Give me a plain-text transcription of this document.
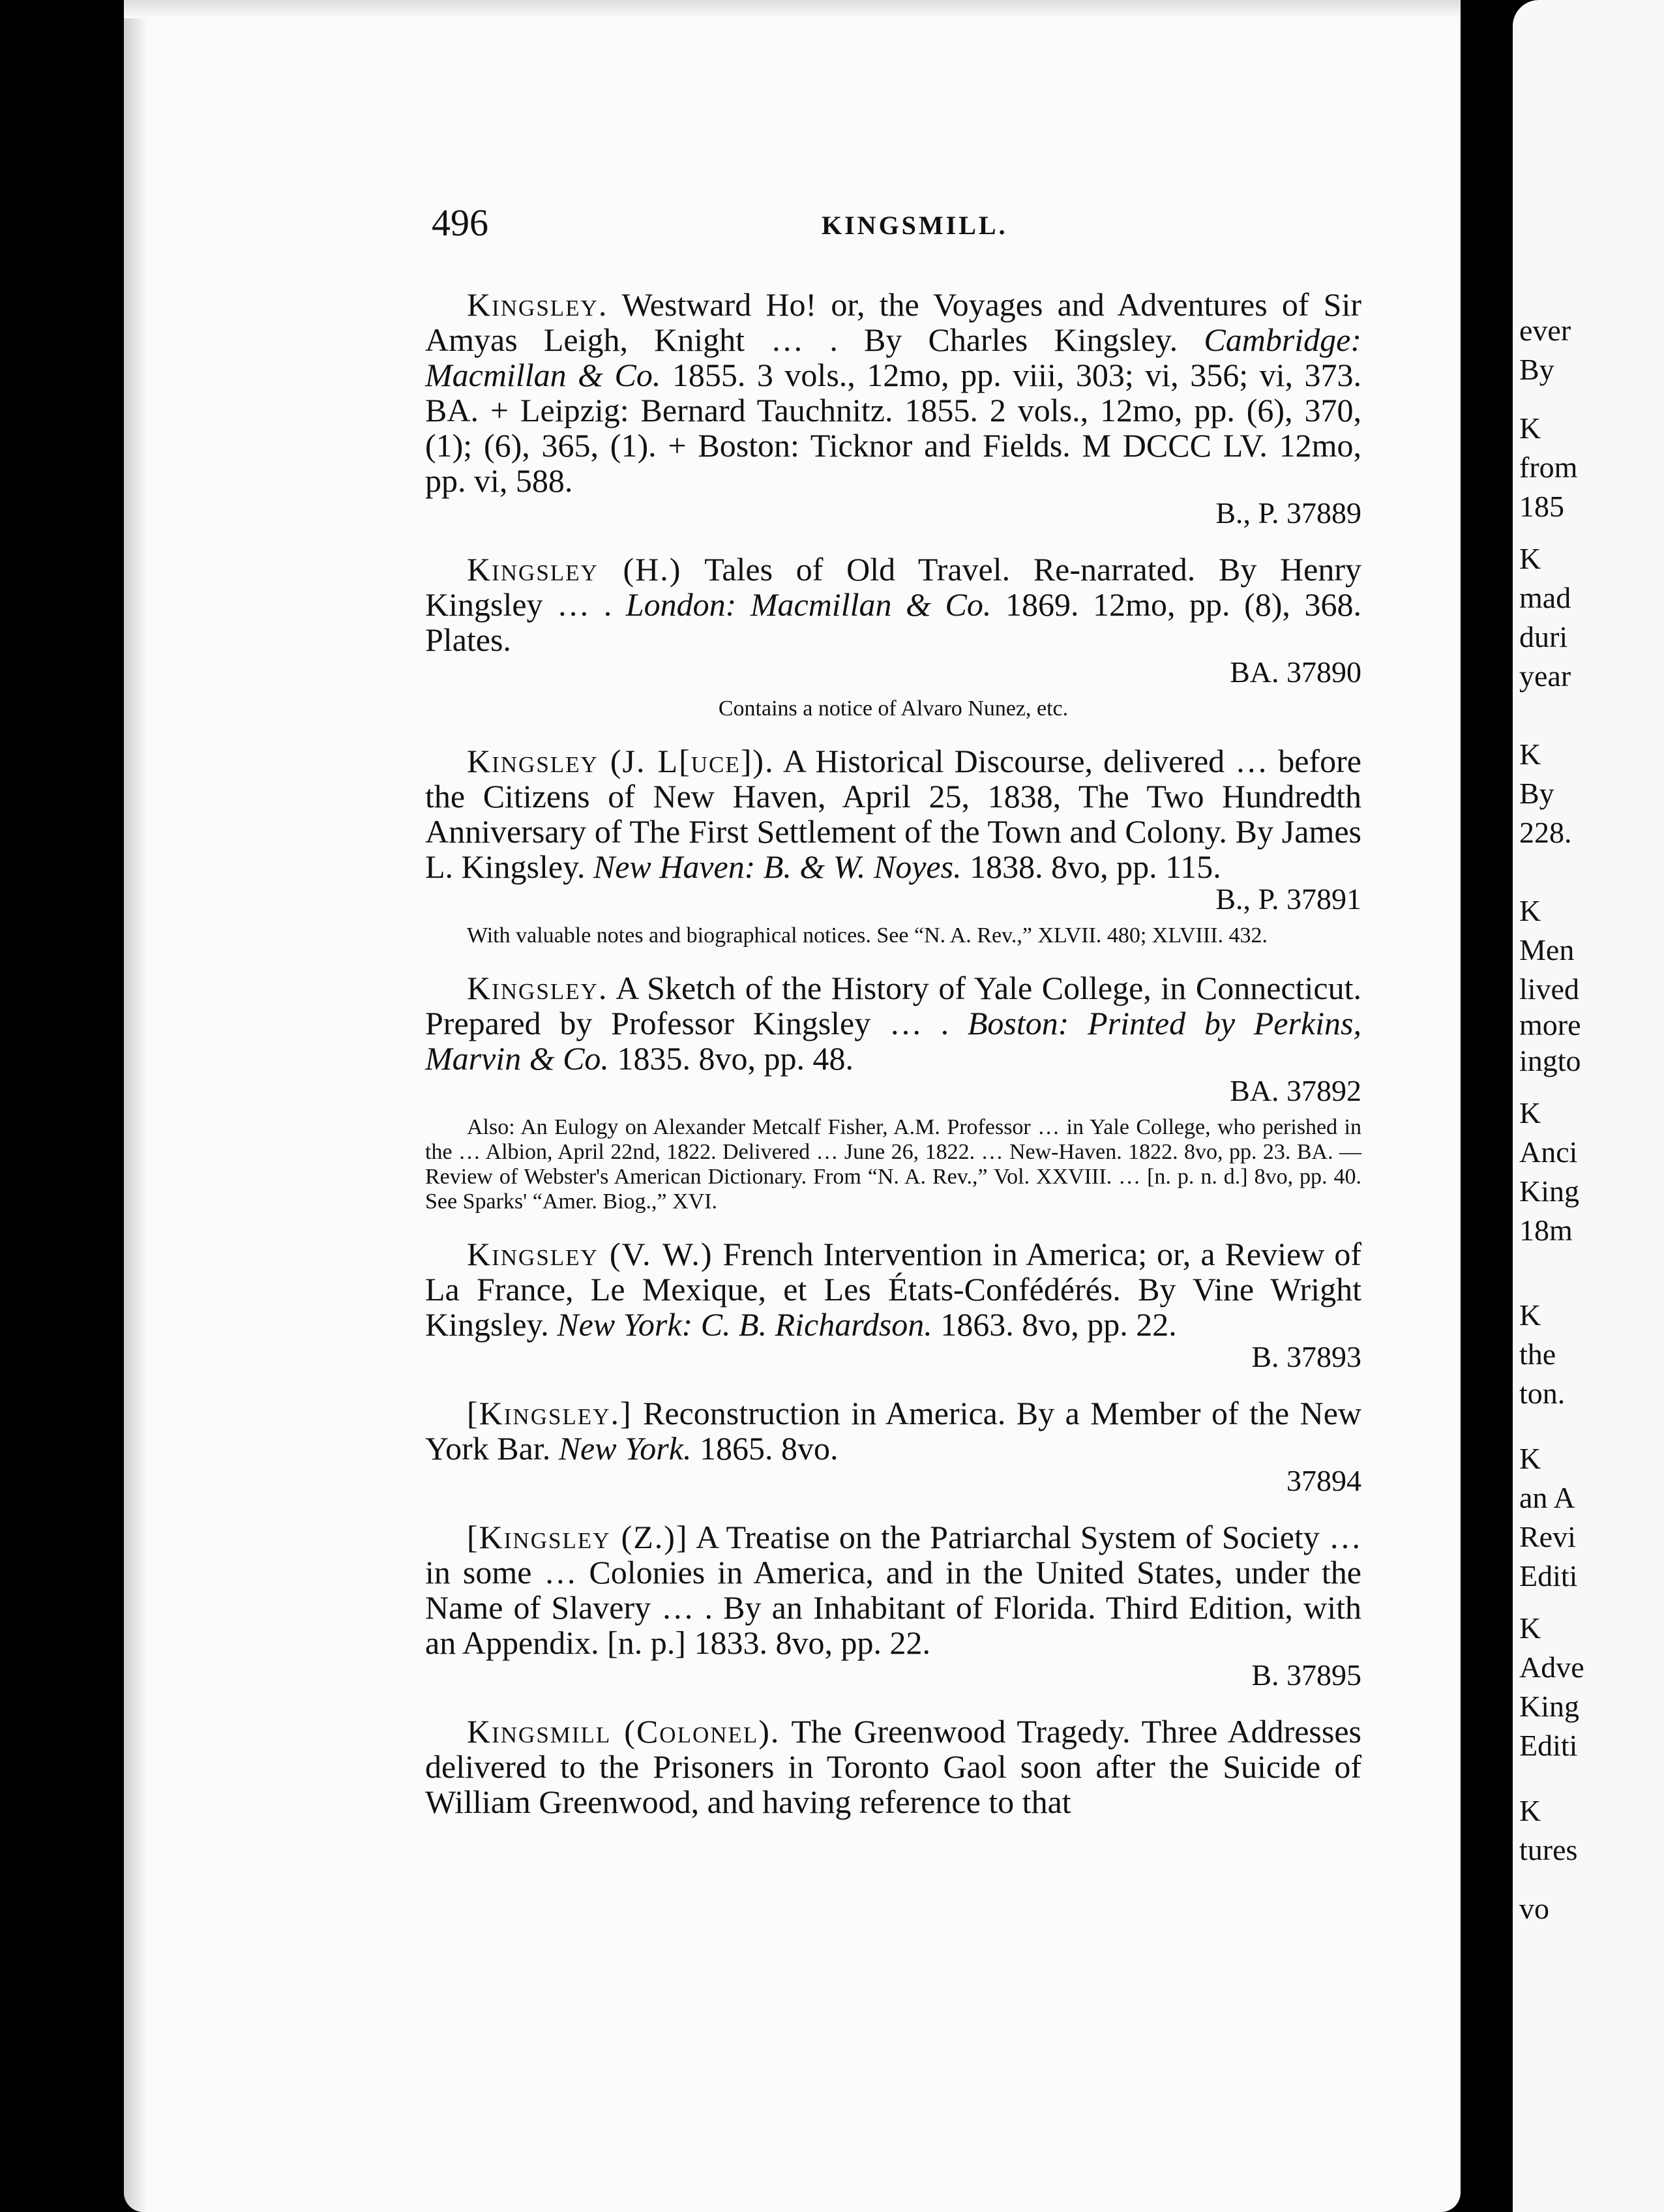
ever
By
K
from
185
K
mad
duri
year
K
By
228.
K
Men
lived
more
ingto
K
Anci
King
18m
K
the
ton.
K
an A
Revi
Editi
K
Adve
King
Editi
K
tures
vo
496	KINGSMILL.
Kingsley. Westward Ho! or, the Voyages and Adventures of Sir Amyas Leigh, Knight … . By Charles Kingsley. Cambridge: Macmillan & Co. 1855. 3 vols., 12mo, pp. viii, 303; vi, 356; vi, 373. BA. + Leipzig: Bernard Tauchnitz. 1855. 2 vols., 12mo, pp. (6), 370, (1); (6), 365, (1). + Boston: Ticknor and Fields. M DCCC LV. 12mo, pp. vi, 588.
B., P. 37889
Kingsley (H.) Tales of Old Travel. Re-narrated. By Henry Kingsley … . London: Macmillan & Co. 1869. 12mo, pp. (8), 368. Plates.
BA. 37890
Contains a notice of Alvaro Nunez, etc.
Kingsley (J. L[uce]). A Historical Discourse, delivered … before the Citizens of New Haven, April 25, 1838, The Two Hundredth Anniversary of The First Settlement of the Town and Colony. By James L. Kingsley. New Haven: B. & W. Noyes. 1838. 8vo, pp. 115.
B., P. 37891
With valuable notes and biographical notices. See “N. A. Rev.,” XLVII. 480; XLVIII. 432.
Kingsley. A Sketch of the History of Yale College, in Connecticut. Prepared by Professor Kingsley … . Boston: Printed by Perkins, Marvin & Co. 1835. 8vo, pp. 48.
BA. 37892
Also: An Eulogy on Alexander Metcalf Fisher, A.M. Professor … in Yale College, who perished in the … Albion, April 22nd, 1822. Delivered … June 26, 1822. … New-Haven. 1822. 8vo, pp. 23. BA. — Review of Webster's American Dictionary. From “N. A. Rev.,” Vol. XXVIII. … [n. p. n. d.] 8vo, pp. 40. See Sparks' “Amer. Biog.,” XVI.
Kingsley (V. W.) French Intervention in America; or, a Review of La France, Le Mexique, et Les États-Confédérés. By Vine Wright Kingsley. New York: C. B. Richardson. 1863. 8vo, pp. 22.
B. 37893
[Kingsley.] Reconstruction in America. By a Member of the New York Bar. New York. 1865. 8vo.
37894
[Kingsley (Z.)] A Treatise on the Patriarchal System of Society … in some … Colonies in America, and in the United States, under the Name of Slavery … . By an Inhabitant of Florida. Third Edition, with an Appendix. [n. p.] 1833. 8vo, pp. 22.
B. 37895
Kingsmill (Colonel). The Greenwood Tragedy. Three Addresses delivered to the Prisoners in Toronto Gaol soon after the Suicide of William Greenwood, and having reference to that
